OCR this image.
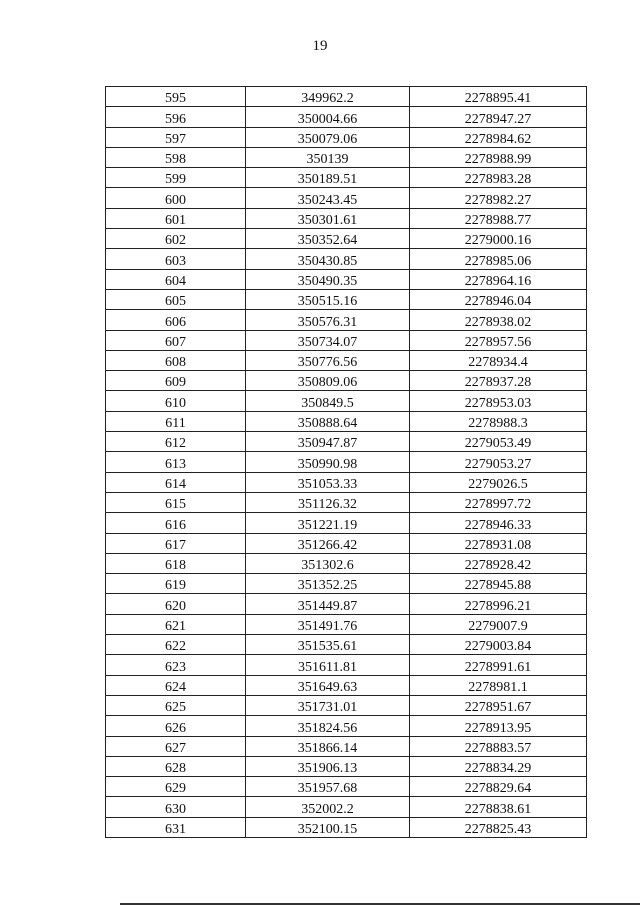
19
595	349962.2	2278895.41
596	350004.66	2278947.27
597	350079.06	2278984.62
598	350139	2278988.99
599	350189.51	2278983.28
600	350243.45	2278982.27
601	350301.61	2278988.77
602	350352.64	2279000.16
603	350430.85	2278985.06
604	350490.35	2278964.16
605	350515.16	2278946.04
606	350576.31	2278938.02
607	350734.07	2278957.56
608	350776.56	2278934.4
609	350809.06	2278937.28
610	350849.5	2278953.03
611	350888.64	2278988.3
612	350947.87	2279053.49
613	350990.98	2279053.27
614	351053.33	2279026.5
615	351126.32	2278997.72
616	351221.19	2278946.33
617	351266.42	2278931.08
618	351302.6	2278928.42
619	351352.25	2278945.88
620	351449.87	2278996.21
621	351491.76	2279007.9
622	351535.61	2279003.84
623	351611.81	2278991.61
624	351649.63	2278981.1
625	351731.01	2278951.67
626	351824.56	2278913.95
627	351866.14	2278883.57
628	351906.13	2278834.29
629	351957.68	2278829.64
630	352002.2	2278838.61
631	352100.15	2278825.43
